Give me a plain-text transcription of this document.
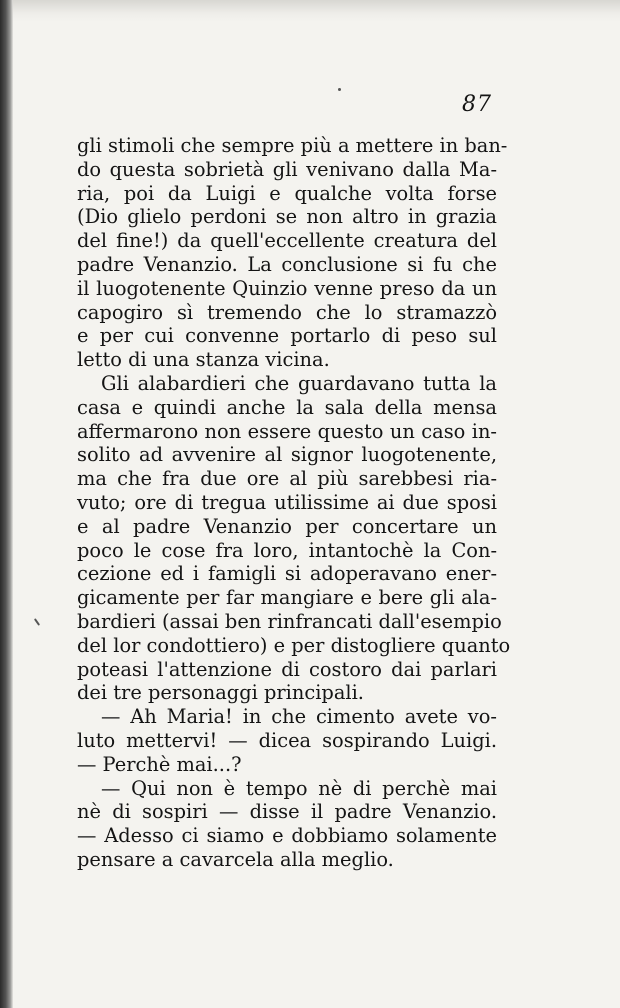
87
gli stimoli che sempre più a mettere in ban-
do questa sobrietà gli venivano dalla Ma-
ria, poi da Luigi e qualche volta forse
(Dio glielo perdoni se non altro in grazia
del fine!) da quell'eccellente creatura del
padre Venanzio. La conclusione si fu che
il luogotenente Quinzio venne preso da un
capogiro sì tremendo che lo stramazzò
e per cui convenne portarlo di peso sul
letto di una stanza vicina.
Gli alabardieri che guardavano tutta la
casa e quindi anche la sala della mensa
affermarono non essere questo un caso in-
solito ad avvenire al signor luogotenente,
ma che fra due ore al più sarebbesi ria-
vuto; ore di tregua utilissime ai due sposi
e al padre Venanzio per concertare un
poco le cose fra loro, intantochè la Con-
cezione ed i famigli si adoperavano ener-
gicamente per far mangiare e bere gli ala-
bardieri (assai ben rinfrancati dall'esempio
del lor condottiero) e per distogliere quanto
poteasi l'attenzione di costoro dai parlari
dei tre personaggi principali.
— Ah Maria! in che cimento avete vo-
luto mettervi! — dicea sospirando Luigi.
— Perchè mai...?
— Qui non è tempo nè di perchè mai
nè di sospiri — disse il padre Venanzio.
— Adesso ci siamo e dobbiamo solamente
pensare a cavarcela alla meglio.
